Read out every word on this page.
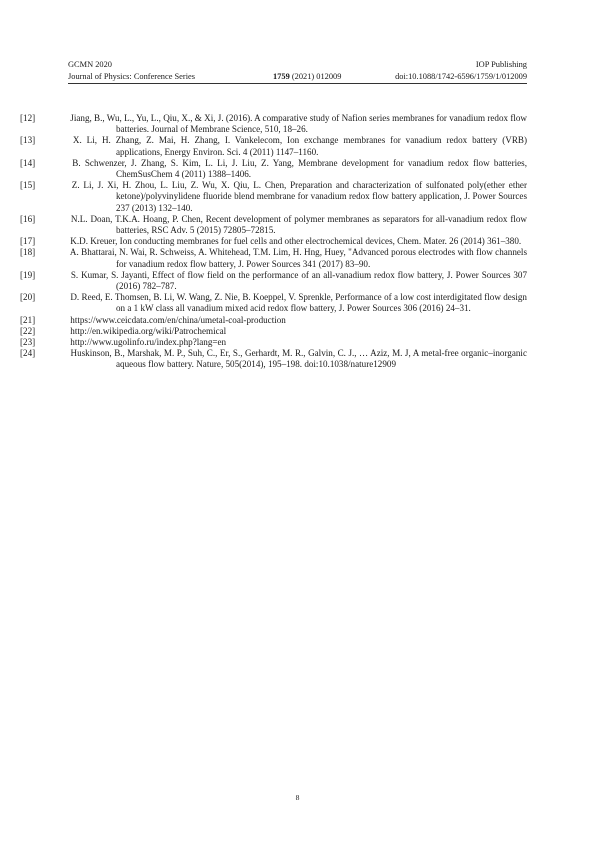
GCMN 2020	IOP Publishing
Journal of Physics: Conference Series	1759 (2021) 012009	doi:10.1088/1742-6596/1759/1/012009

[12]	Jiang, B., Wu, L., Yu, L., Qiu, X., & Xi, J. (2016). A comparative study of Nafion series membranes for vanadium redox flow batteries. Journal of Membrane Science, 510, 18–26.

[13]	X. Li, H. Zhang, Z. Mai, H. Zhang, I. Vankelecom, Ion exchange membranes for vanadium redox battery (VRB) applications, Energy Environ. Sci. 4 (2011) 1147–1160.

[14]	B. Schwenzer, J. Zhang, S. Kim, L. Li, J. Liu, Z. Yang, Membrane development for vanadium redox flow batteries, ChemSusChem 4 (2011) 1388–1406.

[15]	Z. Li, J. Xi, H. Zhou, L. Liu, Z. Wu, X. Qiu, L. Chen, Preparation and characterization of sulfonated poly(ether ether ketone)/polyvinylidene fluoride blend membrane for vanadium redox flow battery application, J. Power Sources 237 (2013) 132–140.

[16]	N.L. Doan, T.K.A. Hoang, P. Chen, Recent development of polymer membranes as separators for all-vanadium redox flow batteries, RSC Adv. 5 (2015) 72805–72815.

[17]	K.D. Kreuer, Ion conducting membranes for fuel cells and other electrochemical devices, Chem. Mater. 26 (2014) 361–380.

[18]	A. Bhattarai, N. Wai, R. Schweiss, A. Whitehead, T.M. Lim, H. Hng, Huey, "Advanced porous electrodes with flow channels for vanadium redox flow battery, J. Power Sources 341 (2017) 83–90.

[19]	S. Kumar, S. Jayanti, Effect of flow field on the performance of an all-vanadium redox flow battery, J. Power Sources 307 (2016) 782–787.

[20]	D. Reed, E. Thomsen, B. Li, W. Wang, Z. Nie, B. Koeppel, V. Sprenkle, Performance of a low cost interdigitated flow design on a 1 kW class all vanadium mixed acid redox flow battery, J. Power Sources 306 (2016) 24–31.

[21]	https://www.ceicdata.com/en/china/umetal-coal-production

[22]	http://en.wikipedia.org/wiki/Patrochemical

[23]	http://www.ugolinfo.ru/index.php?lang=en

[24]	Huskinson, B., Marshak, M. P., Suh, C., Er, S., Gerhardt, M. R., Galvin, C. J., … Aziz, M. J, A metal-free organic–inorganic aqueous flow battery. Nature, 505(2014), 195–198. doi:10.1038/nature12909

8
